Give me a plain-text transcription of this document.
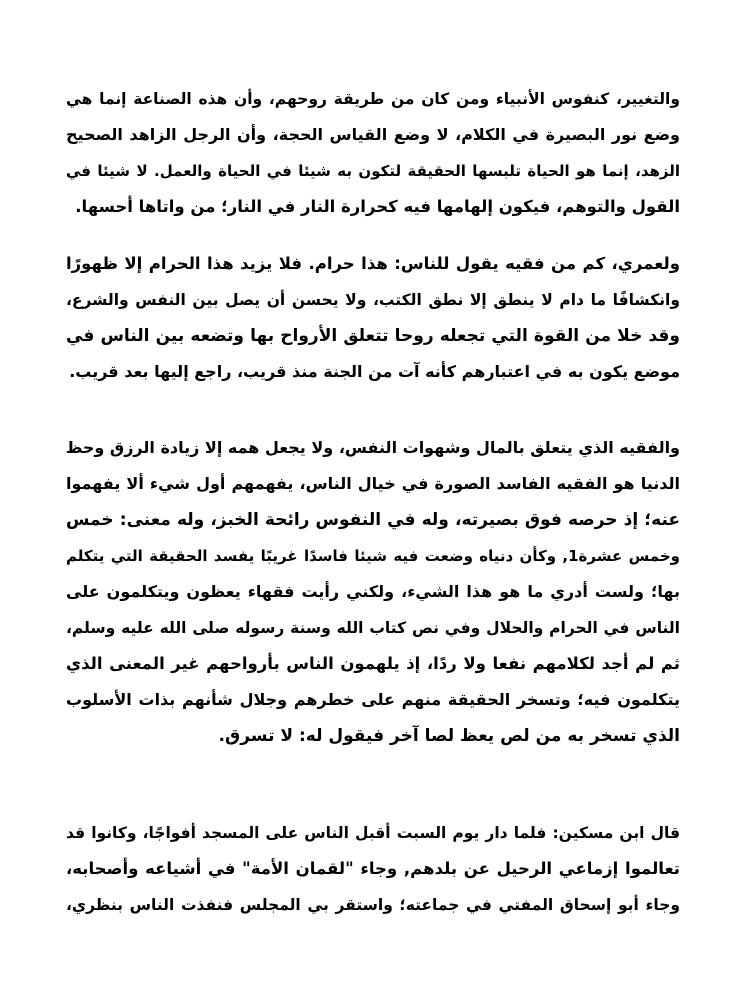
والتغيير، كنفوس الأنبياء ومن كان من طريقة روحهم، وأن هذه الصناعة إنما هي
وضع نور البصيرة في الكلام، لا وضع القياس الحجة، وأن الرجل الزاهد الصحيح
الزهد، إنما هو الحياة تلبسها الحقيقة لتكون به شيئا في الحياة والعمل. لا شيئا في
القول والتوهم، فيكون إلهامها فيه كحرارة النار في النار؛ من واتاها أحسها.
ولعمري، كم من فقيه يقول للناس: هذا حرام. فلا يزيد هذا الحرام إلا ظهورًا
وانكشافًا ما دام لا ينطق إلا نطق الكتب، ولا يحسن أن يصل بين النفس والشرع،
وقد خلا من القوة التي تجعله روحا تتعلق الأرواح بها وتضعه بين الناس في
موضع يكون به في اعتبارهم كأنه آت من الجنة منذ قريب، راجع إليها بعد قريب.
والفقيه الذي يتعلق بالمال وشهوات النفس، ولا يجعل همه إلا زيادة الرزق وحظ
الدنيا هو الفقيه الفاسد الصورة في خيال الناس، يفهمهم أول شيء ألا يفهموا
عنه؛ إذ حرصه فوق بصيرته، وله في النفوس رائحة الخبز، وله معنى: خمس
وخمس عشرة1, وكأن دنياه وضعت فيه شيئا فاسدًا غريبًا يفسد الحقيقة التي يتكلم
بها؛ ولست أدري ما هو هذا الشيء، ولكني رأيت فقهاء يعظون ويتكلمون على
الناس في الحرام والحلال وفي نص كتاب الله وسنة رسوله صلى الله عليه وسلم،
ثم لم أجد لكلامهم نفعا ولا ردًا، إذ يلهمون الناس بأرواحهم غير المعنى الذي
يتكلمون فيه؛ وتسخر الحقيقة منهم على خطرهم وجلال شأنهم بذات الأسلوب
الذي تسخر به من لص يعظ لصا آخر فيقول له: لا تسرق.
قال ابن مسكين: فلما دار يوم السبت أقبل الناس على المسجد أفواجًا، وكانوا قد
تعالموا إزماعي الرحيل عن بلدهم, وجاء "لقمان الأمة" في أشياعه وأصحابه،
وجاء أبو إسحاق المفتي في جماعته؛ واستقر بي المجلس فنفذت الناس بنظري،
